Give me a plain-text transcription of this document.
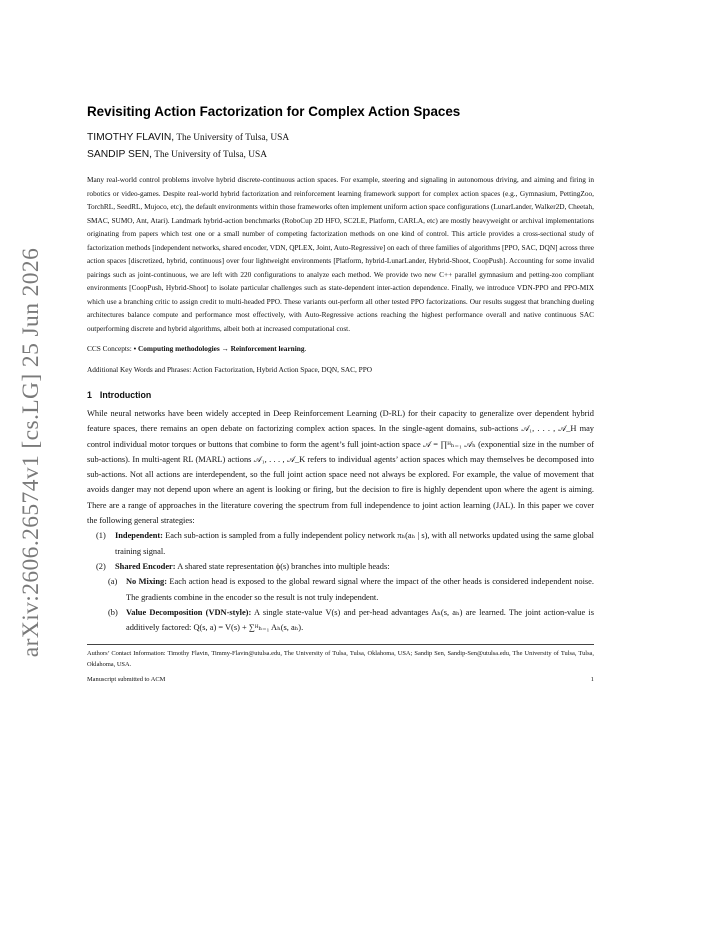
arXiv:2606.26574v1 [cs.LG] 25 Jun 2026
Revisiting Action Factorization for Complex Action Spaces
TIMOTHY FLAVIN, The University of Tulsa, USA
SANDIP SEN, The University of Tulsa, USA

Many real-world control problems involve hybrid discrete-continuous action spaces. For example, steering and signaling in autonomous driving, and aiming and firing in robotics or video-games. Despite real-world hybrid factorization and reinforcement learning framework support for complex action spaces (e.g., Gymnasium, PettingZoo, TorchRL, SeedRL, Mujoco, etc), the default environments within those frameworks often implement uniform action space configurations (LunarLander, Walker2D, Cheetah, SMAC, SUMO, Ant, Atari). Landmark hybrid-action benchmarks (RoboCup 2D HFO, SC2LE, Platform, CARLA, etc) are mostly heavyweight or archival implementations originating from papers which test one or a small number of competing factorization methods on one kind of control. This article provides a cross-sectional study of factorization methods [independent networks, shared encoder, VDN, QPLEX, Joint, Auto-Regressive] on each of three families of algorithms [PPO, SAC, DQN] across three action spaces [discretized, hybrid, continuous] over four lightweight environments [Platform, hybrid-LunarLander, Hybrid-Shoot, CoopPush]. Accounting for some invalid pairings such as joint-continuous, we are left with 220 configurations to analyze each method. We provide two new C++ parallel gymnasium and petting-zoo compliant environments [CoopPush, Hybrid-Shoot] to isolate particular challenges such as state-dependent inter-action dependence. Finally, we introduce VDN-PPO and PPO-MIX which use a branching critic to assign credit to multi-headed PPO. These variants out-perform all other tested PPO factorizations. Our results suggest that branching dueling architectures balance compute and performance most effectively, with Auto-Regressive actions reaching the highest performance overall and native continuous SAC outperforming discrete and hybrid algorithms, albeit both at increased computational cost.

CCS Concepts: • Computing methodologies → Reinforcement learning.

Additional Key Words and Phrases: Action Factorization, Hybrid Action Space, DQN, SAC, PPO

1 Introduction

While neural networks have been widely accepted in Deep Reinforcement Learning (D-RL) for their capacity to generalize over dependent hybrid feature spaces, there remains an open debate on factorizing complex action spaces. In the single-agent domains, sub-actions 𝒜₁, . . . , 𝒜_H may control individual motor torques or buttons that combine to form the agent’s full joint-action space 𝒜 = ∏ᴴₕ₌₁ 𝒜ₕ (exponential size in the number of sub-actions). In multi-agent RL (MARL) actions 𝒜₁, . . . , 𝒜_K refers to individual agents’ action spaces which may themselves be decomposed into sub-actions. Not all actions are interdependent, so the full joint action space need not always be explored. For example, the value of movement that avoids danger may not depend upon where an agent is looking or firing, but the decision to fire is highly dependent upon where the agent is aiming. There are a range of approaches in the literature covering the spectrum from full independence to joint action learning (JAL). In this paper we cover the following general strategies:

(1) Independent: Each sub-action is sampled from a fully independent policy network πₕ(aₕ | s), with all networks updated using the same global training signal.
(2) Shared Encoder: A shared state representation ϕ(s) branches into multiple heads:
(a) No Mixing: Each action head is exposed to the global reward signal where the impact of the other heads is considered independent noise. The gradients combine in the encoder so the result is not truly independent.
(b) Value Decomposition (VDN-style): A single state-value V(s) and per-head advantages Aₕ(s, aₕ) are learned. The joint action-value is additively factored: Q(s, a) = V(s) + ∑ᴴₕ₌₁ Aₕ(s, aₕ).

Authors’ Contact Information: Timothy Flavin, Timmy-Flavin@utulsa.edu, The University of Tulsa, Tulsa, Oklahoma, USA; Sandip Sen, Sandip-Sen@utulsa.edu, The University of Tulsa, Tulsa, Oklahoma, USA.

Manuscript submitted to ACM	1
